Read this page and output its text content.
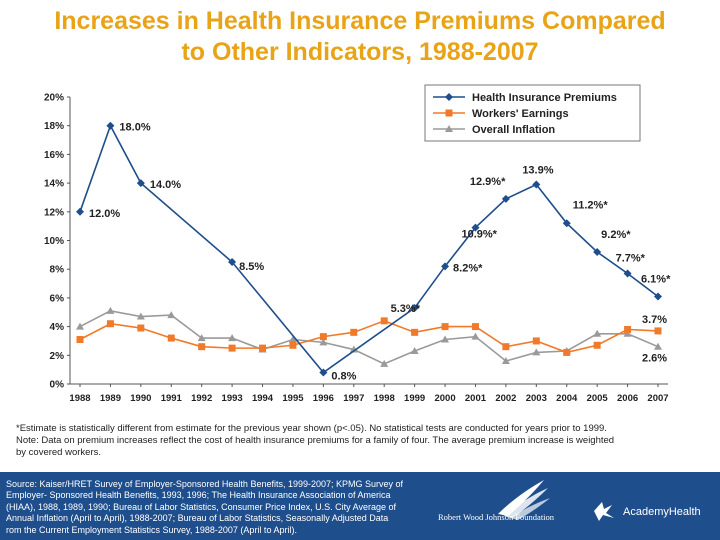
Increases in Health Insurance Premiums Compared
to Other Indicators, 1988-2007
0%
2%
4%
6%
8%
10%
12%
14%
16%
18%
20%
1988 1989 1990 1991 1992 1993 1994 1995 1996 1997 1998 1999 2000 2001 2002 2003 2004 2005 2006 2007
12.0%
18.0%
14.0%
8.5%
0.8%
5.3%*
8.2%*
10.9%*
12.9%*
13.9%
11.2%*
9.2%*
7.7%*
6.1%*
3.7%
2.6%
Health Insurance Premiums
Workers' Earnings
Overall Inflation
*Estimate is statistically different from estimate for the previous year shown (p<.05). No statistical tests are conducted for years prior to 1999.
Note: Data on premium increases reflect the cost of health insurance premiums for a family of four. The average premium increase is weighted
by covered workers.
Source: Kaiser/HRET Survey of Employer-Sponsored Health Benefits, 1999-2007; KPMG Survey of
Employer- Sponsored Health Benefits, 1993, 1996; The Health Insurance Association of America
(HIAA), 1988, 1989, 1990; Bureau of Labor Statistics, Consumer Price Index, U.S. City Average of
Annual Inflation (April to April), 1988-2007; Bureau of Labor Statistics, Seasonally Adjusted Data
rom the Current Employment Statistics Survey, 1988-2007 (April to April).
Robert Wood Johnson Foundation	AcademyHealth
